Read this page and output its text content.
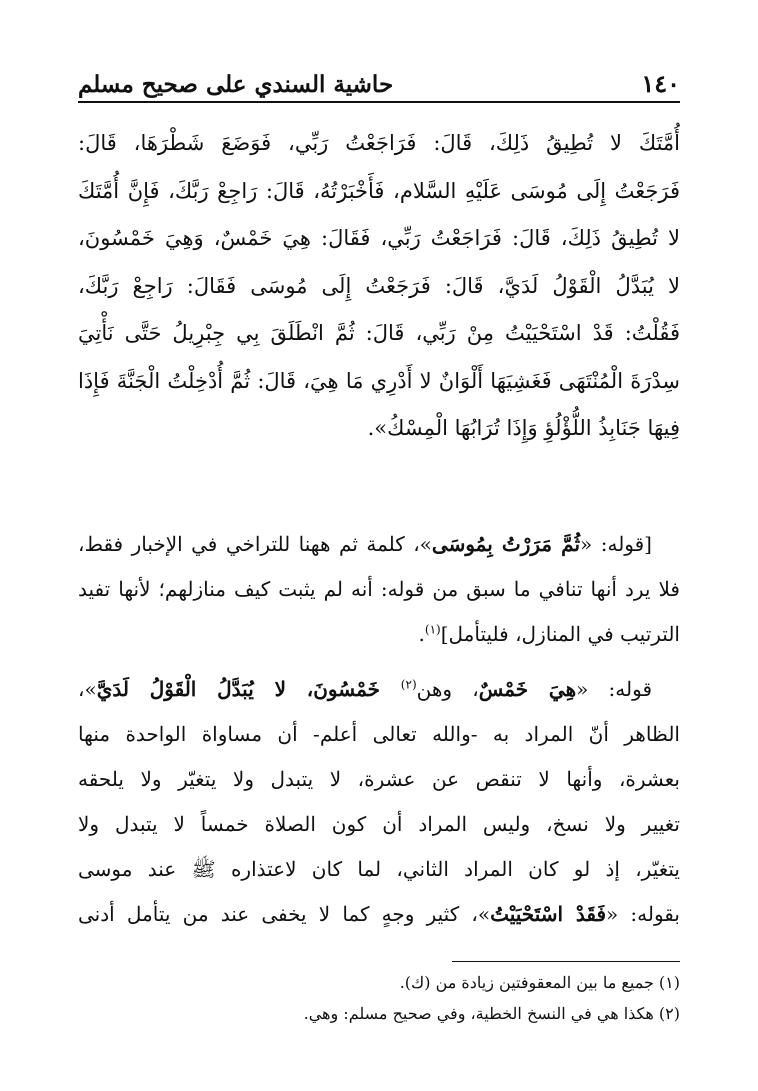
١٤٠
حاشية السندي على صحيح مسلم
أُمَّتَكَ لا تُطِيقُ ذَلِكَ، قَالَ: فَرَاجَعْتُ رَبِّي، فَوَضَعَ شَطْرَهَا، قَالَ:
فَرَجَعْتُ إِلَى مُوسَى عَلَيْهِ السَّلام، فَأَخْبَرْتُهُ، قَالَ: رَاجِعْ رَبَّكَ، فَإِنَّ أُمَّتَكَ
لا تُطِيقُ ذَلِكَ، قَالَ: فَرَاجَعْتُ رَبِّي، فَقَالَ: هِيَ خَمْسٌ، وَهِيَ خَمْسُونَ،
لا يُبَدَّلُ الْقَوْلُ لَدَيَّ، قَالَ: فَرَجَعْتُ إِلَى مُوسَى فَقَالَ: رَاجِعْ رَبَّكَ،
فَقُلْتُ: قَدْ اسْتَحْيَيْتُ مِنْ رَبِّي، قَالَ: ثُمَّ انْطَلَقَ بِي جِبْرِيلُ حَتَّى نَأْتِيَ
سِدْرَةَ الْمُنْتَهَى فَغَشِيَهَا أَلْوَانٌ لا أَدْرِي مَا هِيَ، قَالَ: ثُمَّ أُدْخِلْتُ الْجَنَّةَ فَإِذَا
فِيهَا جَنَابِذُ اللُّؤْلُؤِ وَإِذَا تُرَابُهَا الْمِسْكُ».
[قوله: «ثُمَّ مَرَرْتُ بِمُوسَى»، كلمة ثم ههنا للتراخي في الإخبار فقط،
فلا يرد أنها تنافي ما سبق من قوله: أنه لم يثبت كيف منازلهم؛ لأنها تفيد
الترتيب في المنازل، فليتأمل]$^{(١)}$.
قوله: «هِيَ خَمْسٌ، وهن$^{(٢)}$ خَمْسُونَ، لا يُبَدَّلُ الْقَوْلُ لَدَيَّ»،
الظاهر أنّ المراد به -والله تعالى أعلم- أن مساواة الواحدة منها
بعشرة، وأنها لا تنقص عن عشرة، لا يتبدل ولا يتغيّر ولا يلحقه
تغيير ولا نسخ، وليس المراد أن كون الصلاة خمساً لا يتبدل ولا
يتغيّر، إذ لو كان المراد الثاني، لما كان لاعتذاره ﷺ عند موسى
بقوله: «فَقَدْ اسْتَحْيَيْتُ»، كثير وجهٍ كما لا يخفى عند من يتأمل أدنى
(١) جميع ما بين المعقوفتين زيادة من (ك).
(٢) هكذا هي في النسخ الخطية، وفي صحيح مسلم: وهي.
